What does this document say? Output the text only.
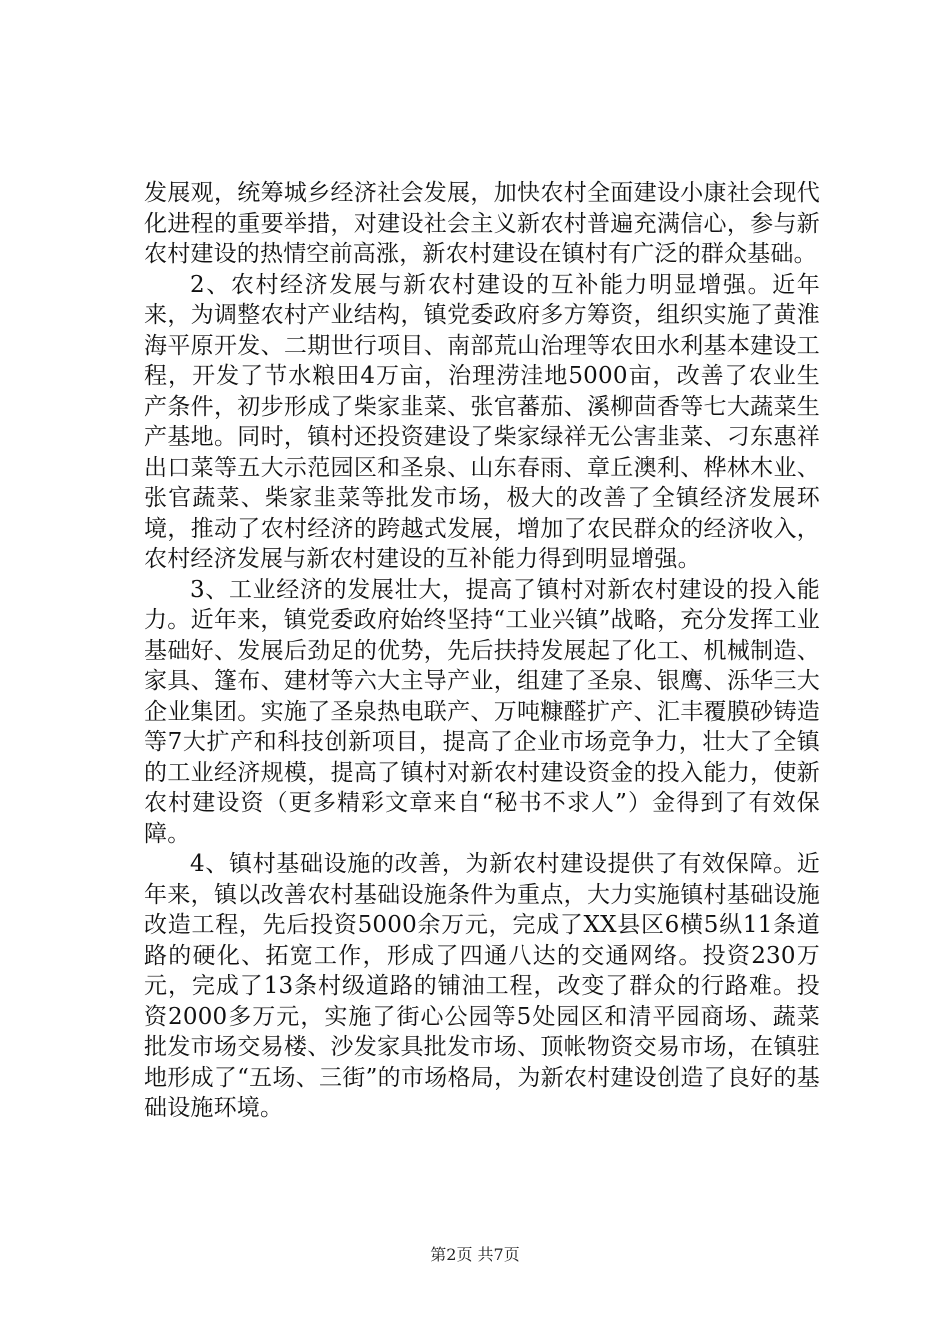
发展观，统筹城乡经济社会发展，加快农村全面建设小康社会现代化进程的重要举措，对建设社会主义新农村普遍充满信心，参与新农村建设的热情空前高涨，新农村建设在镇村有广泛的群众基础。

2、农村经济发展与新农村建设的互补能力明显增强。近年来，为调整农村产业结构，镇党委政府多方筹资，组织实施了黄淮海平原开发、二期世行项目、南部荒山治理等农田水利基本建设工程，开发了节水粮田4万亩，治理涝洼地5000亩，改善了农业生产条件，初步形成了柴家韭菜、张官蕃茄、溪柳茴香等七大蔬菜生产基地。同时，镇村还投资建设了柴家绿祥无公害韭菜、刁东惠祥出口菜等五大示范园区和圣泉、山东春雨、章丘澳利、桦林木业、张官蔬菜、柴家韭菜等批发市场，极大的改善了全镇经济发展环境，推动了农村经济的跨越式发展，增加了农民群众的经济收入，农村经济发展与新农村建设的互补能力得到明显增强。

3、工业经济的发展壮大，提高了镇村对新农村建设的投入能力。近年来，镇党委政府始终坚持“工业兴镇”战略，充分发挥工业基础好、发展后劲足的优势，先后扶持发展起了化工、机械制造、家具、篷布、建材等六大主导产业，组建了圣泉、银鹰、泺华三大企业集团。实施了圣泉热电联产、万吨糠醛扩产、汇丰覆膜砂铸造等7大扩产和科技创新项目，提高了企业市场竞争力，壮大了全镇的工业经济规模，提高了镇村对新农村建设资金的投入能力，使新农村建设资（更多精彩文章来自“秘书不求人”）金得到了有效保障。

4、镇村基础设施的改善，为新农村建设提供了有效保障。近年来，镇以改善农村基础设施条件为重点，大力实施镇村基础设施改造工程，先后投资5000余万元，完成了XX县区6横5纵11条道路的硬化、拓宽工作，形成了四通八达的交通网络。投资230万元，完成了13条村级道路的铺油工程，改变了群众的行路难。投资2000多万元，实施了街心公园等5处园区和清平园商场、蔬菜批发市场交易楼、沙发家具批发市场、顶帐物资交易市场，在镇驻地形成了“五场、三街”的市场格局，为新农村建设创造了良好的基础设施环境。

第2页 共7页
